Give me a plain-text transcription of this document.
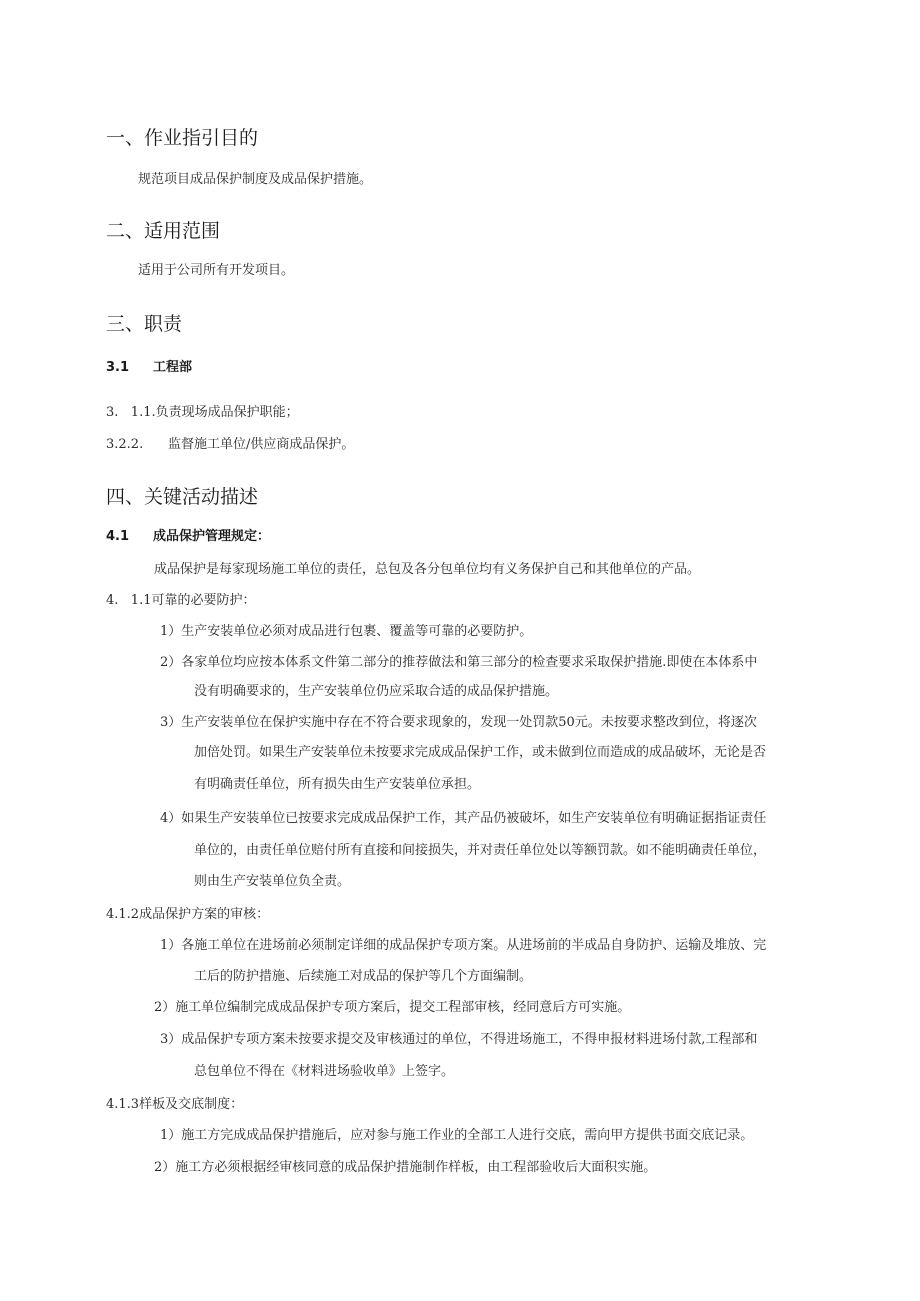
一、作业指引目的
规范项目成品保护制度及成品保护措施。
二、适用范围
适用于公司所有开发项目。
三、职责
3.1 工程部
3.   1.1.负责现场成品保护职能；
3.2.2.      监督施工单位/供应商成品保护。
四、关键活动描述
4.1 成品保护管理规定：
成品保护是每家现场施工单位的责任，总包及各分包单位均有义务保护自己和其他单位的产品。
4.   1.1可靠的必要防护：
1）生产安装单位必须对成品进行包裹、覆盖等可靠的必要防护。
2）各家单位均应按本体系文件第二部分的推荐做法和第三部分的检查要求采取保护措施.即使在本体系中
没有明确要求的，生产安装单位仍应采取合适的成品保护措施。
3）生产安装单位在保护实施中存在不符合要求现象的，发现一处罚款50元。未按要求整改到位，将逐次
加倍处罚。如果生产安装单位未按要求完成成品保护工作，或未做到位而造成的成品破坏，无论是否
有明确责任单位，所有损失由生产安装单位承担。
4）如果生产安装单位已按要求完成成品保护工作，其产品仍被破坏，如生产安装单位有明确证据指证责任
单位的，由责任单位赔付所有直接和间接损失，并对责任单位处以等额罚款。如不能明确责任单位，
则由生产安装单位负全责。
4.1.2成品保护方案的审核：
1）各施工单位在进场前必须制定详细的成品保护专项方案。从进场前的半成品自身防护、运输及堆放、完
工后的防护措施、后续施工对成品的保护等几个方面编制。
2）施工单位编制完成成品保护专项方案后，提交工程部审核，经同意后方可实施。
3）成品保护专项方案未按要求提交及审核通过的单位，不得进场施工，不得申报材料进场付款,工程部和
总包单位不得在《材料进场验收单》上签字。
4.1.3样板及交底制度：
1）施工方完成成品保护措施后，应对参与施工作业的全部工人进行交底，需向甲方提供书面交底记录。
2）施工方必须根据经审核同意的成品保护措施制作样板，由工程部验收后大面积实施。
